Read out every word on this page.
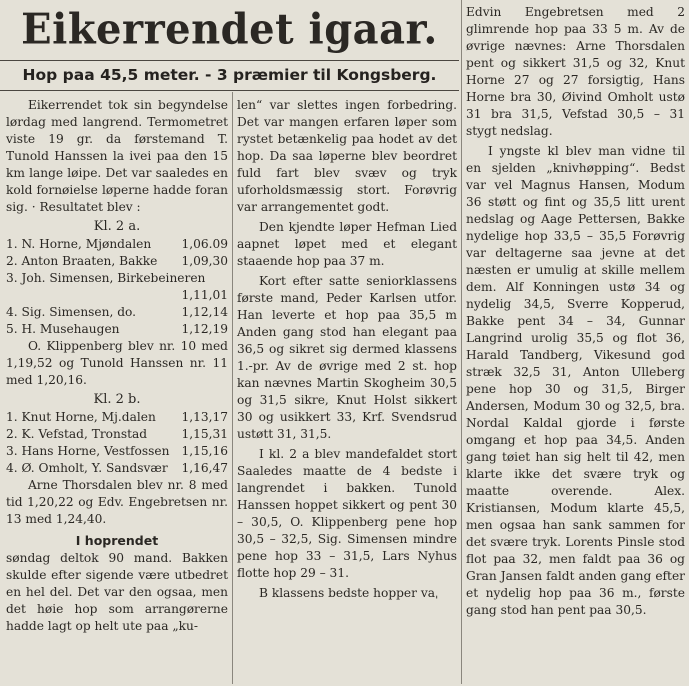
Eikerrendet igaar.
Hop paa 45,5 meter. - 3 præmier til Kongsberg.

Eikerrendet tok sin begyndelse lørdag med langrend. Termometret viste 19 gr. da førstemand T. Tunold Hanssen la ivei paa den 15 km lange løipe. Det var saaledes en kold fornøielse løperne hadde foran sig. · Resultatet blev :

Kl. 2 a.
1. N. Horne, Mjøndalen 1,06.09
2. Anton Braaten, Bakke 1,09,30
3. Joh. Simensen, Birkebeineren
1,11,01
4. Sig. Simensen, do.	1,12,14
5. H. Musehaugen	1,12,19

O. Klippenberg blev nr. 10 med 1,19,52 og Tunold Hanssen nr. 11 med 1,20,16.

Kl. 2 b.
1. Knut Horne, Mj.dalen 1,13,17
2. K. Vefstad, Tronstad	1,15,31
3. Hans Horne, Vestfossen 1,15,16
4. Ø. Omholt, Y. Sandsvær 1,16,47

Arne Thorsdalen blev nr. 8 med tid 1,20,22 og Edv. Engebretsen nr. 13 med 1,24,40.

I hoprendet

søndag deltok 90 mand. Bakken skulde efter sigende være utbedret en hel del. Det var den ogsaa, men det høie hop som arrangørerne hadde lagt op helt ute paa „ku-

len“ var slettes ingen forbedring. Det var mangen erfaren løper som rystet betænkelig paa hodet av det hop. Da saa løperne blev beordret fuld fart blev svæv og tryk uforholdsmæssig stort. Forøvrig var arrangementet godt.

Den kjendte løper Hefman Lied aapnet løpet med et elegant staaende hop paa 37 m.

Kort efter satte seniorklassens første mand, Peder Karlsen utfor. Han leverte et hop paa 35,5 m Anden gang stod han elegant paa 36,5 og sikret sig dermed klassens 1.-pr. Av de øvrige med 2 st. hop kan nævnes Martin Skogheim 30,5 og 31,5 sikre, Knut Holst sikkert 30 og usikkert 33, Krf. Svendsrud ustøtt 31, 31,5.

I kl. 2 a blev mandefaldet stort Saaledes maatte de 4 bedste i langrendet i bakken. Tunold Hanssen hoppet sikkert og pent 30 – 30,5, O. Klippenberg pene hop 30,5 – 32,5, Sig. Simensen mindre pene hop 33 – 31,5, Lars Nyhus flotte hop 29 – 31.

B klassens bedste hopper vaˌ

Edvin Engebretsen med 2 glimrende hop paa 33 5 m. Av de øvrige nævnes: Arne Thorsdalen pent og sikkert 31,5 og 32, Knut Horne 27 og 27 forsigtig, Hans Horne bra 30, Øivind Omholt ustø 31 bra 31,5, Vefstad 30,5 – 31 stygt nedslag.

I yngste kl blev man vidne til en sjelden „knivhøpping“. Bedst var vel Magnus Hansen, Modum 36 støtt og fint og 35,5 litt urent nedslag og Aage Pettersen, Bakke nydelige hop 33,5 – 35,5 Forøvrig var deltagerne saa jevne at det næsten er umulig at skille mellem dem. Alf Konningen ustø 34 og nydelig 34,5, Sverre Kopperud, Bakke pent 34 – 34, Gunnar Langrind urolig 35,5 og flot 36, Harald Tandberg, Vikesund god stræk 32,5 31, Anton Ulleberg pene hop 30 og 31,5, Birger Andersen, Modum 30 og 32,5, bra. Nordal Kaldal gjorde i første omgang et hop paa 34,5. Anden gang tøiet han sig helt til 42, men klarte ikke det svære tryk og maatte overende. Alex. Kristiansen, Modum klarte 45,5, men ogsaa han sank sammen for det svære tryk. Lorents Pinsle stod flot paa 32, men faldt paa 36 og Gran Jansen faldt anden gang efter et nydelig hop paa 36 m., første gang stod han pent paa 30,5.
